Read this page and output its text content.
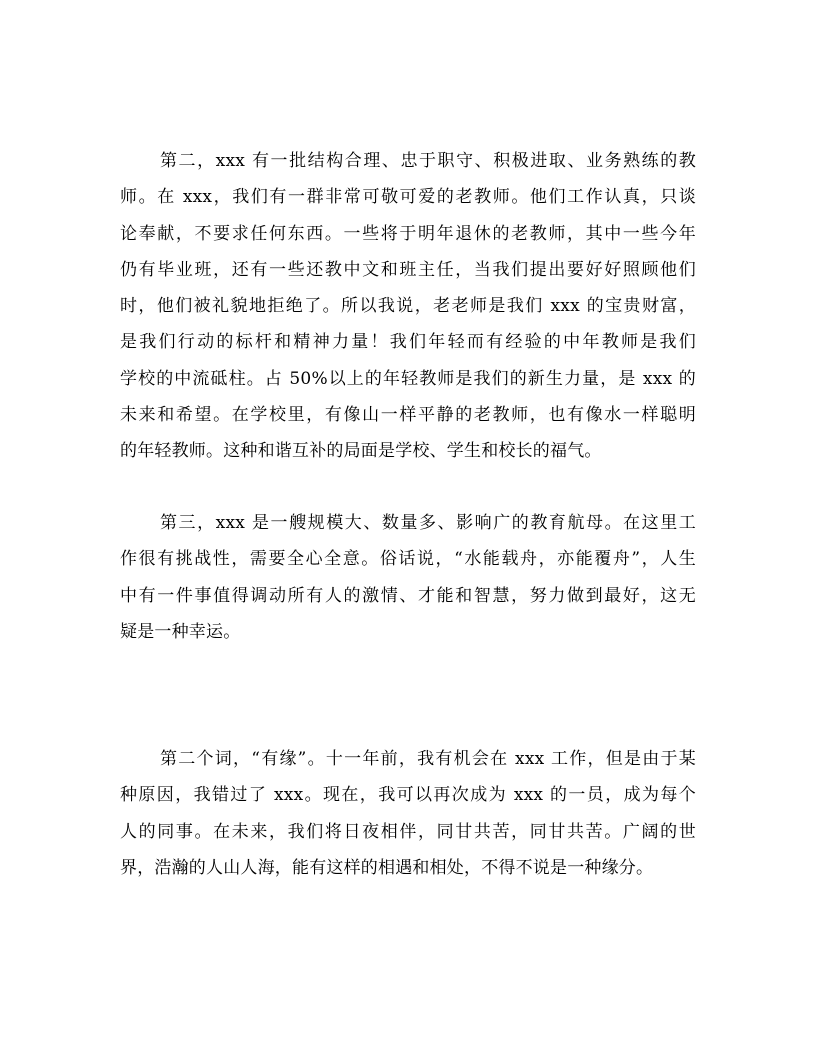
第二，xxx 有一批结构合理、忠于职守、积极进取、业务熟练的教
师。在 xxx，我们有一群非常可敬可爱的老教师。他们工作认真，只谈
论奉献，不要求任何东西。一些将于明年退休的老教师，其中一些今年
仍有毕业班，还有一些还教中文和班主任，当我们提出要好好照顾他们
时，他们被礼貌地拒绝了。所以我说，老老师是我们 xxx 的宝贵财富，
是我们行动的标杆和精神力量！我们年轻而有经验的中年教师是我们
学校的中流砥柱。占 50%以上的年轻教师是我们的新生力量，是 xxx 的
未来和希望。在学校里，有像山一样平静的老教师，也有像水一样聪明
的年轻教师。这种和谐互补的局面是学校、学生和校长的福气。
第三，xxx 是一艘规模大、数量多、影响广的教育航母。在这里工
作很有挑战性，需要全心全意。俗话说，“水能载舟，亦能覆舟”，人生
中有一件事值得调动所有人的激情、才能和智慧，努力做到最好，这无
疑是一种幸运。
第二个词，“有缘”。十一年前，我有机会在 xxx 工作，但是由于某
种原因，我错过了 xxx。现在，我可以再次成为 xxx 的一员，成为每个
人的同事。在未来，我们将日夜相伴，同甘共苦，同甘共苦。广阔的世
界，浩瀚的人山人海，能有这样的相遇和相处，不得不说是一种缘分。
